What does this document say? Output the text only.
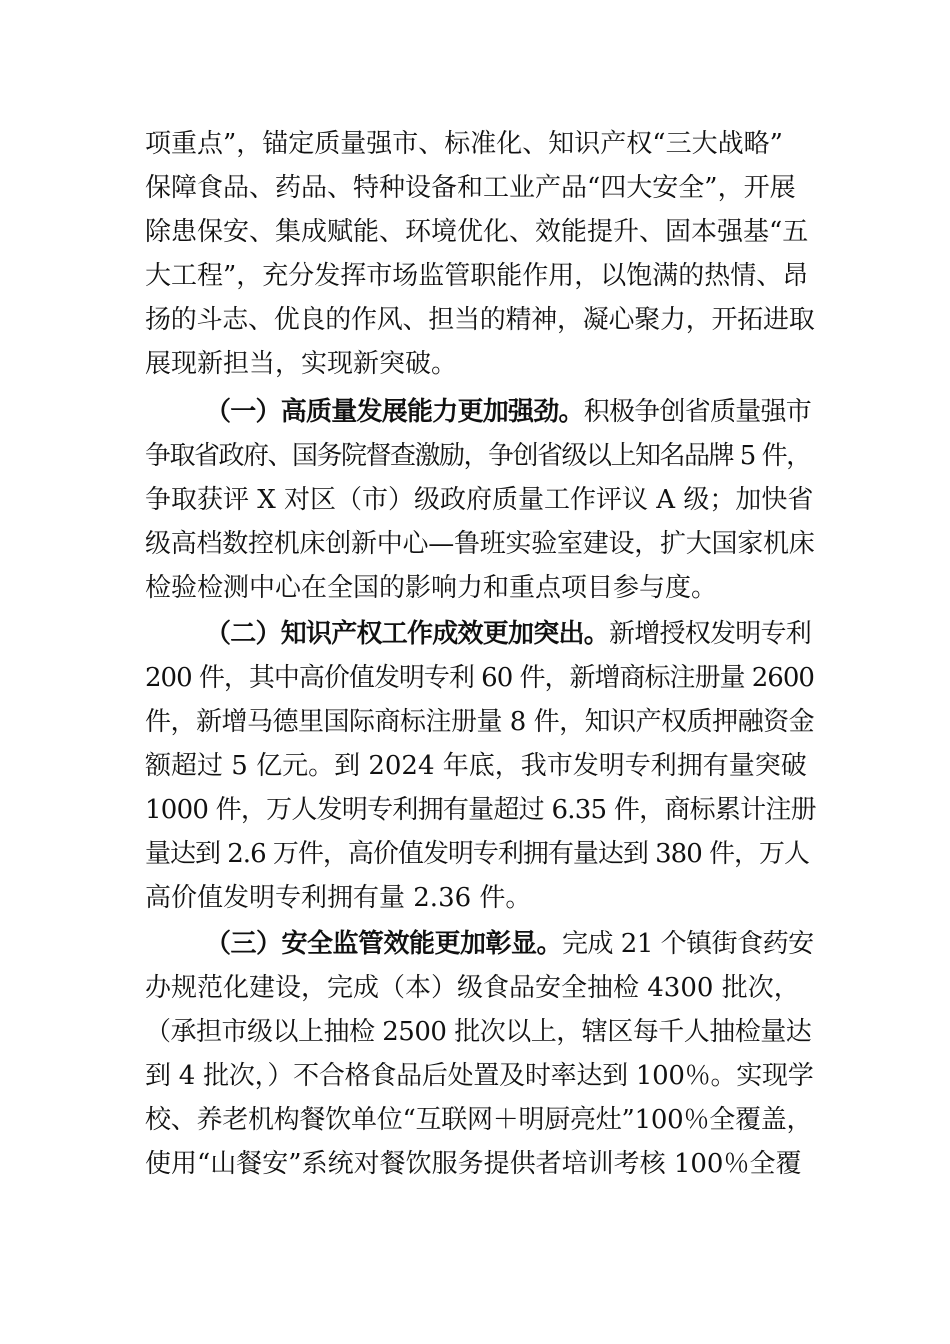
项重点”，锚定质量强市、标准化、知识产权“三大战略”
保障食品、药品、特种设备和工业产品“四大安全”，开展
除患保安、集成赋能、环境优化、效能提升、固本强基“五
大工程”，充分发挥市场监管职能作用，以饱满的热情、昂
扬的斗志、优良的作风、担当的精神，凝心聚力，开拓进取
展现新担当，实现新突破。
（一）高质量发展能力更加强劲。积极争创省质量强市
争取省政府、国务院督查激励，争创省级以上知名品牌 5 件，
争取获评 X 对区（市）级政府质量工作评议 A 级；加快省
级高档数控机床创新中心—鲁班实验室建设，扩大国家机床
检验检测中心在全国的影响力和重点项目参与度。
（二）知识产权工作成效更加突出。新增授权发明专利
200 件，其中高价值发明专利 60 件，新增商标注册量 2600
件，新增马德里国际商标注册量 8 件，知识产权质押融资金
额超过 5 亿元。到 2024 年底，我市发明专利拥有量突破
1000 件，万人发明专利拥有量超过 6.35 件，商标累计注册
量达到 2.6 万件，高价值发明专利拥有量达到 380 件，万人
高价值发明专利拥有量 2.36 件。
（三）安全监管效能更加彰显。完成 21 个镇街食药安
办规范化建设，完成（本）级食品安全抽检 4300 批次，
（承担市级以上抽检 2500 批次以上，辖区每千人抽检量达
到 4 批次，）不合格食品后处置及时率达到 100％。实现学
校、养老机构餐饮单位“互联网＋明厨亮灶”100％全覆盖，
使用“山餐安”系统对餐饮服务提供者培训考核 100％全覆
